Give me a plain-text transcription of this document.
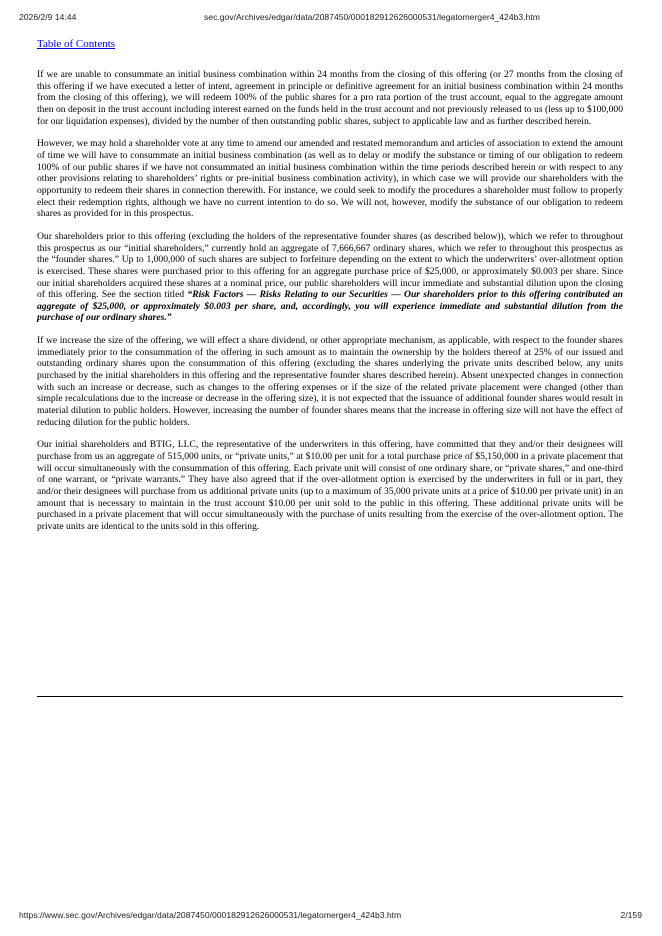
2026/2/9 14:44	sec.gov/Archives/edgar/data/2087450/000182912626000531/legatomerger4_424b3.htm
Table of Contents

If we are unable to consummate an initial business combination within 24 months from the closing of this offering (or 27 months from the closing of this offering if we have executed a letter of intent, agreement in principle or definitive agreement for an initial business combination within 24 months from the closing of this offering), we will redeem 100% of the public shares for a pro rata portion of the trust account, equal to the aggregate amount then on deposit in the trust account including interest earned on the funds held in the trust account and not previously released to us (less up to $100,000 for our liquidation expenses), divided by the number of then outstanding public shares, subject to applicable law and as further described herein.

However, we may hold a shareholder vote at any time to amend our amended and restated memorandum and articles of association to extend the amount of time we will have to consummate an initial business combination (as well as to delay or modify the substance or timing of our obligation to redeem 100% of our public shares if we have not consummated an initial business combination within the time periods described herein or with respect to any other provisions relating to shareholders’ rights or pre-initial business combination activity), in which case we will provide our shareholders with the opportunity to redeem their shares in connection therewith. For instance, we could seek to modify the procedures a shareholder must follow to properly elect their redemption rights, although we have no current intention to do so. We will not, however, modify the substance of our obligation to redeem shares as provided for in this prospectus.

Our shareholders prior to this offering (excluding the holders of the representative founder shares (as described below)), which we refer to throughout this prospectus as our “initial shareholders,” currently hold an aggregate of 7,666,667 ordinary shares, which we refer to throughout this prospectus as the “founder shares.” Up to 1,000,000 of such shares are subject to forfeiture depending on the extent to which the underwriters’ over-allotment option is exercised. These shares were purchased prior to this offering for an aggregate purchase price of $25,000, or approximately $0.003 per share. Since our initial shareholders acquired these shares at a nominal price, our public shareholders will incur immediate and substantial dilution upon the closing of this offering. See the section titled “Risk Factors — Risks Relating to our Securities — Our shareholders prior to this offering contributed an aggregate of $25,000, or approximately $0.003 per share, and, accordingly, you will experience immediate and substantial dilution from the purchase of our ordinary shares.”

If we increase the size of the offering, we will effect a share dividend, or other appropriate mechanism, as applicable, with respect to the founder shares immediately prior to the consummation of the offering in such amount as to maintain the ownership by the holders thereof at 25% of our issued and outstanding ordinary shares upon the consummation of this offering (excluding the shares underlying the private units described below, any units purchased by the initial shareholders in this offering and the representative founder shares described herein). Absent unexpected changes in connection with such an increase or decrease, such as changes to the offering expenses or if the size of the related private placement were changed (other than simple recalculations due to the increase or decrease in the offering size), it is not expected that the issuance of additional founder shares would result in material dilution to public holders. However, increasing the number of founder shares means that the increase in offering size will not have the effect of reducing dilution for the public holders.

Our initial shareholders and BTIG, LLC, the representative of the underwriters in this offering, have committed that they and/or their designees will purchase from us an aggregate of 515,000 units, or “private units,” at $10.00 per unit for a total purchase price of $5,150,000 in a private placement that will occur simultaneously with the consummation of this offering. Each private unit will consist of one ordinary share, or “private shares,” and one-third of one warrant, or “private warrants.” They have also agreed that if the over-allotment option is exercised by the underwriters in full or in part, they and/or their designees will purchase from us additional private units (up to a maximum of 35,000 private units at a price of $10.00 per private unit) in an amount that is necessary to maintain in the trust account $10.00 per unit sold to the public in this offering. These additional private units will be purchased in a private placement that will occur simultaneously with the purchase of units resulting from the exercise of the over-allotment option. The private units are identical to the units sold in this offering.

https://www.sec.gov/Archives/edgar/data/2087450/000182912626000531/legatomerger4_424b3.htm	2/159
